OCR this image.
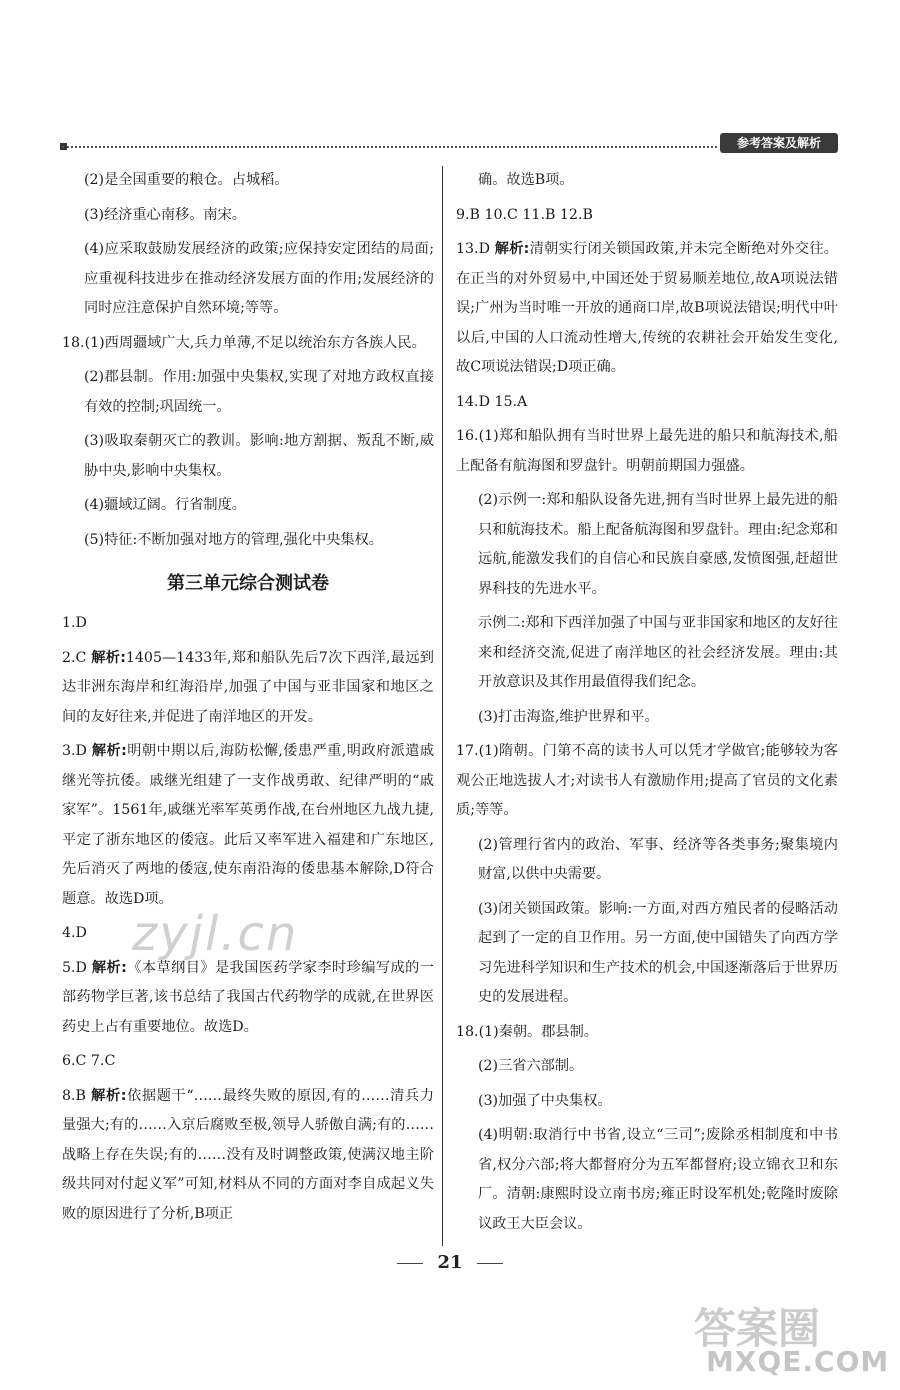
参考答案及解析

(2)是全国重要的粮仓。占城稻。

(3)经济重心南移。南宋。

(4)应采取鼓励发展经济的政策;应保持安定团结的局面;应重视科技进步在推动经济发展方面的作用;发展经济的同时应注意保护自然环境;等等。

18.(1)西周疆域广大,兵力单薄,不足以统治东方各族人民。

(2)郡县制。作用:加强中央集权,实现了对地方政权直接有效的控制;巩固统一。

(3)吸取秦朝灭亡的教训。影响:地方割据、叛乱不断,威胁中央,影响中央集权。

(4)疆域辽阔。行省制度。

(5)特征:不断加强对地方的管理,强化中央集权。

第三单元综合测试卷

1.D

2.C 解析:1405—1433年,郑和船队先后7次下西洋,最远到达非洲东海岸和红海沿岸,加强了中国与亚非国家和地区之间的友好往来,并促进了南洋地区的开发。

3.D 解析:明朝中期以后,海防松懈,倭患严重,明政府派遣戚继光等抗倭。戚继光组建了一支作战勇敢、纪律严明的“戚家军”。1561年,戚继光率军英勇作战,在台州地区九战九捷,平定了浙东地区的倭寇。此后又率军进入福建和广东地区,先后消灭了两地的倭寇,使东南沿海的倭患基本解除,D符合题意。故选D项。

4.D

5.D 解析:《本草纲目》是我国医药学家李时珍编写成的一部药物学巨著,该书总结了我国古代药物学的成就,在世界医药史上占有重要地位。故选D。

6.C 7.C

8.B 解析:依据题干“……最终失败的原因,有的……清兵力量强大;有的……入京后腐败至极,领导人骄傲自满;有的……战略上存在失误;有的……没有及时调整政策,使满汉地主阶级共同对付起义军”可知,材料从不同的方面对李自成起义失败的原因进行了分析,B项正

确。故选B项。

9.B 10.C 11.B 12.B

13.D 解析:清朝实行闭关锁国政策,并未完全断绝对外交往。在正当的对外贸易中,中国还处于贸易顺差地位,故A项说法错误;广州为当时唯一开放的通商口岸,故B项说法错误;明代中叶以后,中国的人口流动性增大,传统的农耕社会开始发生变化,故C项说法错误;D项正确。

14.D 15.A

16.(1)郑和船队拥有当时世界上最先进的船只和航海技术,船上配备有航海图和罗盘针。明朝前期国力强盛。

(2)示例一:郑和船队设备先进,拥有当时世界上最先进的船只和航海技术。船上配备航海图和罗盘针。理由:纪念郑和远航,能激发我们的自信心和民族自豪感,发愤图强,赶超世界科技的先进水平。

示例二:郑和下西洋加强了中国与亚非国家和地区的友好往来和经济交流,促进了南洋地区的社会经济发展。理由:其开放意识及其作用最值得我们纪念。

(3)打击海盗,维护世界和平。

17.(1)隋朝。门第不高的读书人可以凭才学做官;能够较为客观公正地选拔人才;对读书人有激励作用;提高了官员的文化素质;等等。

(2)管理行省内的政治、军事、经济等各类事务;聚集境内财富,以供中央需要。

(3)闭关锁国政策。影响:一方面,对西方殖民者的侵略活动起到了一定的自卫作用。另一方面,使中国错失了向西方学习先进科学知识和生产技术的机会,中国逐渐落后于世界历史的发展进程。

18.(1)秦朝。郡县制。

(2)三省六部制。

(3)加强了中央集权。

(4)明朝:取消行中书省,设立“三司”;废除丞相制度和中书省,权分六部;将大都督府分为五军都督府;设立锦衣卫和东厂。清朝:康熙时设立南书房;雍正时设军机处;乾隆时废除议政王大臣会议。

21
zyjl.cn
答案圈
MXQE.COM
